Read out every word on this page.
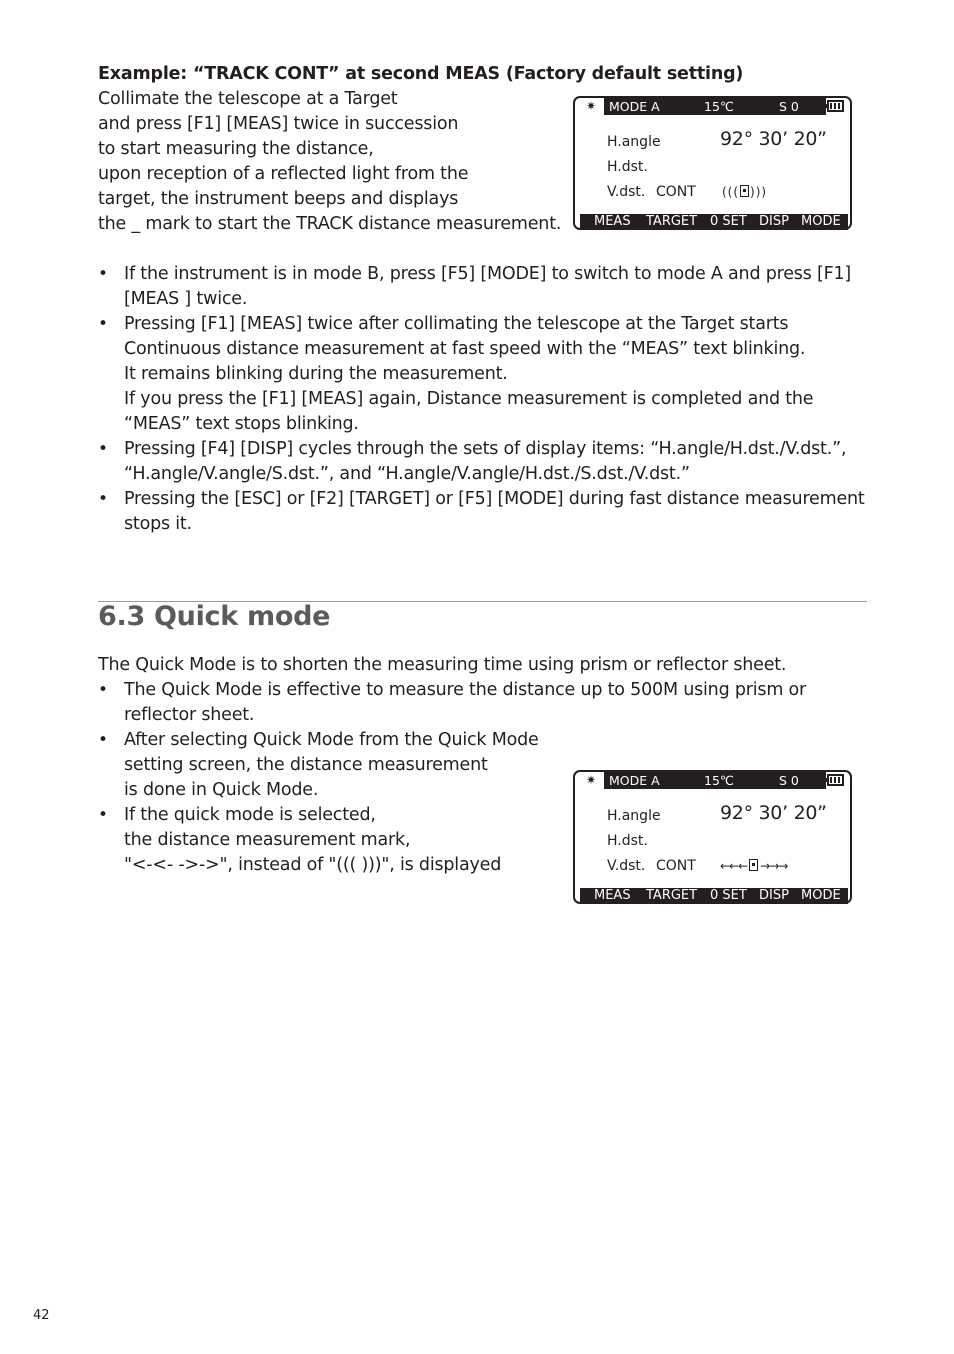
Example: “TRACK CONT” at second MEAS (Factory default setting)
Collimate the telescope at a Target
and press [F1] [MEAS] twice in succession
to start measuring the distance,
upon reception of a reflected light from the
target, the instrument beeps and displays
the _ mark to start the TRACK distance measurement.
✷ MODE A	15℃	S 0
H.angle	92° 30’ 20”
H.dst.
V.dst. CONT ((( )))
MEAS TARGET 0 SET DISP MODE
• If the instrument is in mode B, press [F5] [MODE] to switch to mode A and press [F1]
[MEAS ] twice.
• Pressing [F1] [MEAS] twice after collimating the telescope at the Target starts
Continuous distance measurement at fast speed with the “MEAS” text blinking.
It remains blinking during the measurement.
If you press the [F1] [MEAS] again, Distance measurement is completed and the
“MEAS” text stops blinking.
• Pressing [F4] [DISP] cycles through the sets of display items: “H.angle/H.dst./V.dst.”,
“H.angle/V.angle/S.dst.”, and “H.angle/V.angle/H.dst./S.dst./V.dst.”
• Pressing the [ESC] or [F2] [TARGET] or [F5] [MODE] during fast distance measurement
stops it.
6.3 Quick mode
The Quick Mode is to shorten the measuring time using prism or reflector sheet.
• The Quick Mode is effective to measure the distance up to 500M using prism or
reflector sheet.
• After selecting Quick Mode from the Quick Mode
setting screen, the distance measurement
is done in Quick Mode.
• If the quick mode is selected,
the distance measurement mark,
"<-<- ->->", instead of "((( )))", is displayed
✷ MODE A	15℃	S 0
H.angle	92° 30’ 20”
H.dst.
V.dst. CONT ←←← →→→
MEAS TARGET 0 SET DISP MODE
42
